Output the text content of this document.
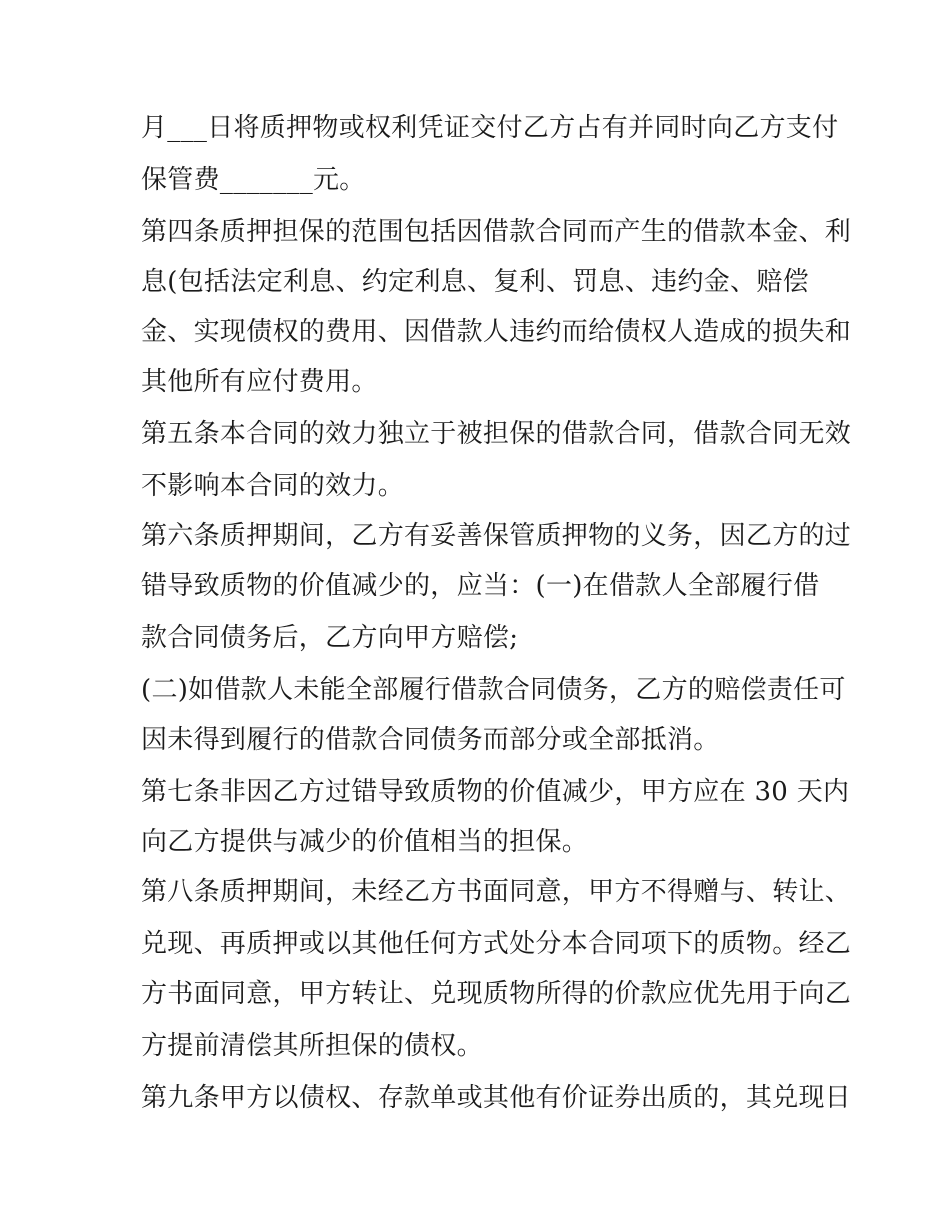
月___日将质押物或权利凭证交付乙方占有并同时向乙方支付

保管费_______元。

第四条质押担保的范围包括因借款合同而产生的借款本金、利

息(包括法定利息、约定利息、复利、罚息、违约金、赔偿

金、实现债权的费用、因借款人违约而给债权人造成的损失和

其他所有应付费用。

第五条本合同的效力独立于被担保的借款合同，借款合同无效

不影响本合同的效力。

第六条质押期间，乙方有妥善保管质押物的义务，因乙方的过

错导致质物的价值减少的，应当：(一)在借款人全部履行借

款合同债务后，乙方向甲方赔偿;

(二)如借款人未能全部履行借款合同债务，乙方的赔偿责任可

因未得到履行的借款合同债务而部分或全部抵消。

第七条非因乙方过错导致质物的价值减少，甲方应在 30 天内

向乙方提供与减少的价值相当的担保。

第八条质押期间，未经乙方书面同意，甲方不得赠与、转让、

兑现、再质押或以其他任何方式处分本合同项下的质物。经乙

方书面同意，甲方转让、兑现质物所得的价款应优先用于向乙

方提前清偿其所担保的债权。

第九条甲方以债权、存款单或其他有价证券出质的，其兑现日
